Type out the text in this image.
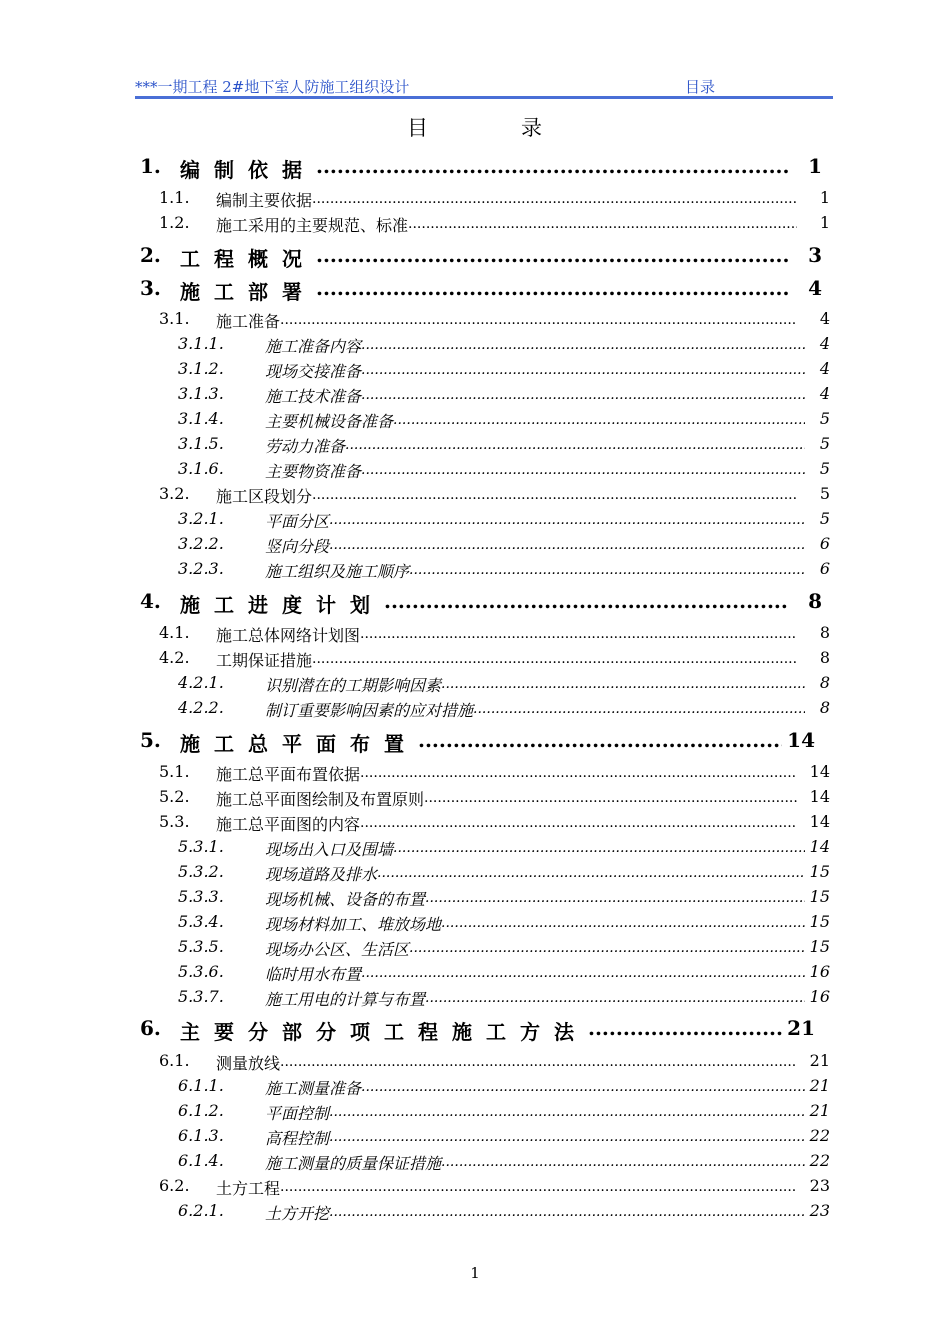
***一期工程 2#地下室人防施工组织设计	目录
目	录
1. 编制依据 .....	1
1.1.	编制主要依据 .....	1
1.2.	施工采用的主要规范、标准 .....	1
2. 工程概况 .....	3
3. 施工部署 .....	4
3.1.	施工准备 .....	4
3.1.1.	施工准备内容 .....	4
3.1.2.	现场交接准备 .....	4
3.1.3.	施工技术准备 .....	4
3.1.4.	主要机械设备准备 .....	5
3.1.5.	劳动力准备 .....	5
3.1.6.	主要物资准备 .....	5
3.2.	施工区段划分 .....	5
3.2.1.	平面分区 .....	5
3.2.2.	竖向分段 .....	6
3.2.3.	施工组织及施工顺序 .....	6
4. 施工进度计划 .....	8
4.1.	施工总体网络计划图 .....	8
4.2.	工期保证措施 .....	8
4.2.1.	识别潜在的工期影响因素 .....	8
4.2.2.	制订重要影响因素的应对措施 .....	8
5. 施工总平面布置 .....	14
5.1.	施工总平面布置依据 .....	14
5.2.	施工总平面图绘制及布置原则 .....	14
5.3.	施工总平面图的内容 .....	14
5.3.1.	现场出入口及围墙 .....	14
5.3.2.	现场道路及排水 .....	15
5.3.3.	现场机械、设备的布置 .....	15
5.3.4.	现场材料加工、堆放场地 .....	15
5.3.5.	现场办公区、生活区 .....	15
5.3.6.	临时用水布置 .....	16
5.3.7.	施工用电的计算与布置 .....	16
6. 主要分部分项工程施工方法 .....	21
6.1.	测量放线 .....	21
6.1.1.	施工测量准备 .....	21
6.1.2.	平面控制 .....	21
6.1.3.	高程控制 .....	22
6.1.4.	施工测量的质量保证措施 .....	22
6.2.	土方工程 .....	23
6.2.1.	土方开挖 .....	23
1
